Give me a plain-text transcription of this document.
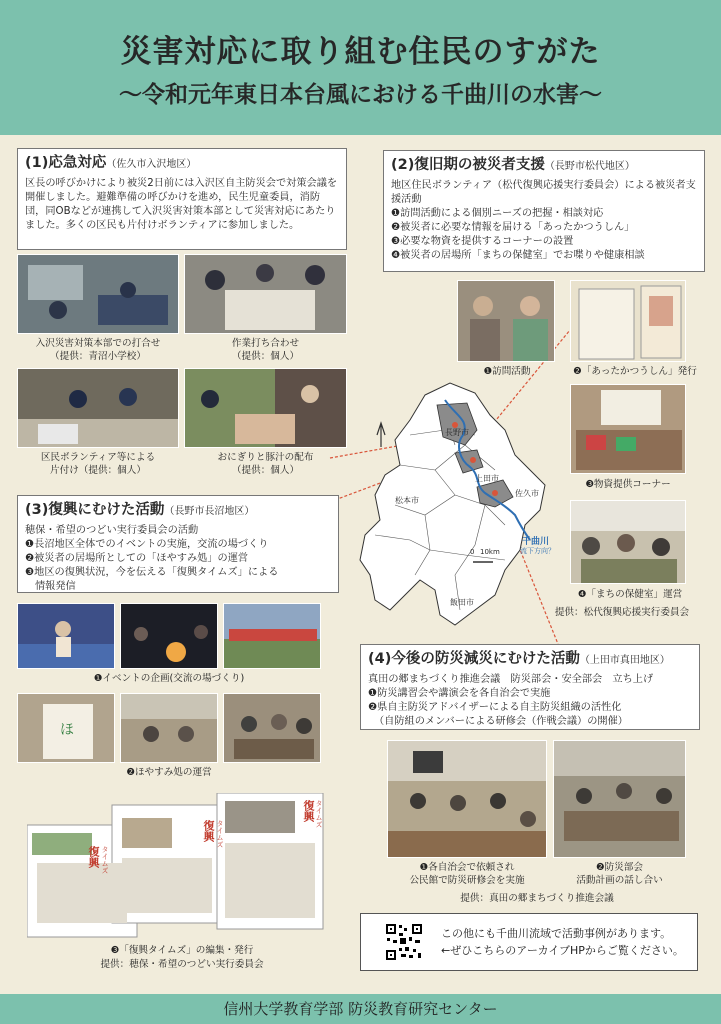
災害対応に取り組む住民のすがた
〜令和元年東日本台風における千曲川の水害〜
(1)応急対応（佐久市入沢地区）
区長の呼びかけにより被災2日前には入沢区自主防災会で対策会議を開催しました。避難準備の呼びかけを進め，民生児童委員，消防団，同OBなどが連携して入沢災害対策本部として災害対応にあたりました。多くの区民も片付けボランティアに参加しました。
入沢災害対策本部での打合せ
（提供：青沼小学校）
作業打ち合わせ
（提供：個人）
区民ボランティア等による
片付け（提供：個人）
おにぎりと豚汁の配布
（提供：個人）
(2)復旧期の被災者支援（長野市松代地区）
地区住民ボランティア（松代復興応援実行委員会）による被災者支援活動
❶訪問活動による個別ニーズの把握・相談対応
❷被災者に必要な情報を届ける「あったかつうしん」
❸必要な物資を提供するコーナーの設置
❹被災者の居場所「まちの保健室」でお喋りや健康相談
❶訪問活動	❷「あったかつうしん」発行
❸物資提供コーナー
❹「まちの保健室」運営
提供：松代復興応援実行委員会
長野市
上田市
佐久市
松本市
飯田市
千曲川
流下方向？
0 10km
(3)復興にむけた活動（長野市長沼地区）
穂保・希望のつどい実行委員会の活動
❶長沼地区全体でのイベントの実施，交流の場づくり
❷被災者の居場所としての「ほやすみ処」の運営
❸地区の復興状況，今を伝える「復興タイムズ」による
情報発信
❶イベントの企画(交流の場づくり)
ほ
❷ほやすみ処の運営
復興
復興
復興
タイムズ
タイムズ
タイムズ
❸「復興タイムズ」の編集・発行
提供：穂保・希望のつどい実行委員会
(4)今後の防災減災にむけた活動（上田市真田地区）
真田の郷まちづくり推進会議　防災部会・安全部会　立ち上げ
❶防災講習会や講演会を各自治会で実施
❷県自主防災アドバイザーによる自主防災組織の活性化
（自防組のメンバーによる研修会（作戦会議）の開催）
❶各自治会で依頼され
公民館で防災研修会を実施
❷防災部会
活動計画の話し合い
提供：真田の郷まちづくり推進会議
この他にも千曲川流域で活動事例があります。
←ぜひこちらのアーカイブHPからご覧ください。
信州大学教育学部 防災教育研究センター
